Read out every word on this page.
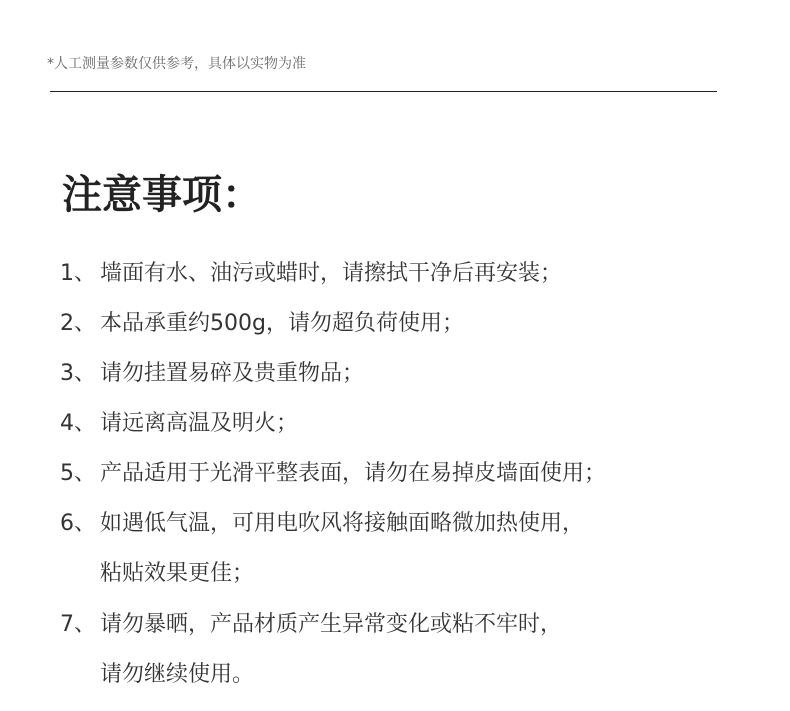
*人工测量参数仅供参考，具体以实物为准
注意事项：
1、 墙面有水、油污或蜡时，请擦拭干净后再安装；
2、 本品承重约500g，请勿超负荷使用；
3、 请勿挂置易碎及贵重物品；
4、 请远离高温及明火；
5、 产品适用于光滑平整表面，请勿在易掉皮墙面使用；
6、 如遇低气温，可用电吹风将接触面略微加热使用，
粘贴效果更佳；
7、 请勿暴晒，产品材质产生异常变化或粘不牢时，
请勿继续使用。
